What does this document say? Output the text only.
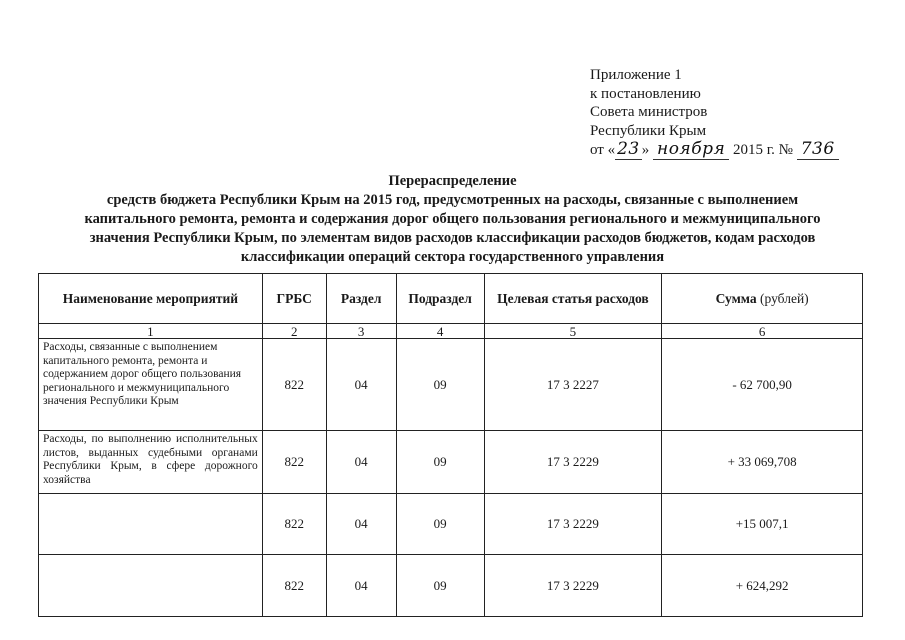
Приложение 1
к постановлению
Совета министров
Республики Крым
от « 23 » ноября 2015 г. № 736
Перераспределение
средств бюджета Республики Крым на 2015 год, предусмотренных на расходы, связанные с выполнением
капитального ремонта, ремонта и содержания дорог общего пользования регионального и межмуниципального
значения Республики Крым, по элементам видов расходов классификации расходов бюджетов, кодам расходов
классификации операций сектора государственного управления
Наименование мероприятий	ГРБС	Раздел	Подраздел	Целевая статья расходов	Сумма (рублей)
1	2	3	4	5	6
Расходы, связанные с выполнением капитального ремонта, ремонта и содержанием дорог общего пользования регионального и межмуниципального значения Республики Крым	822	04	09	17 3 2227	- 62 700,90
Расходы, по выполнению исполнительных листов, выданных судебными органами Республики Крым, в сфере дорожного хозяйства	822	04	09	17 3 2229	+ 33 069,708
	822	04	09	17 3 2229	+15 007,1
	822	04	09	17 3 2229	+ 624,292
